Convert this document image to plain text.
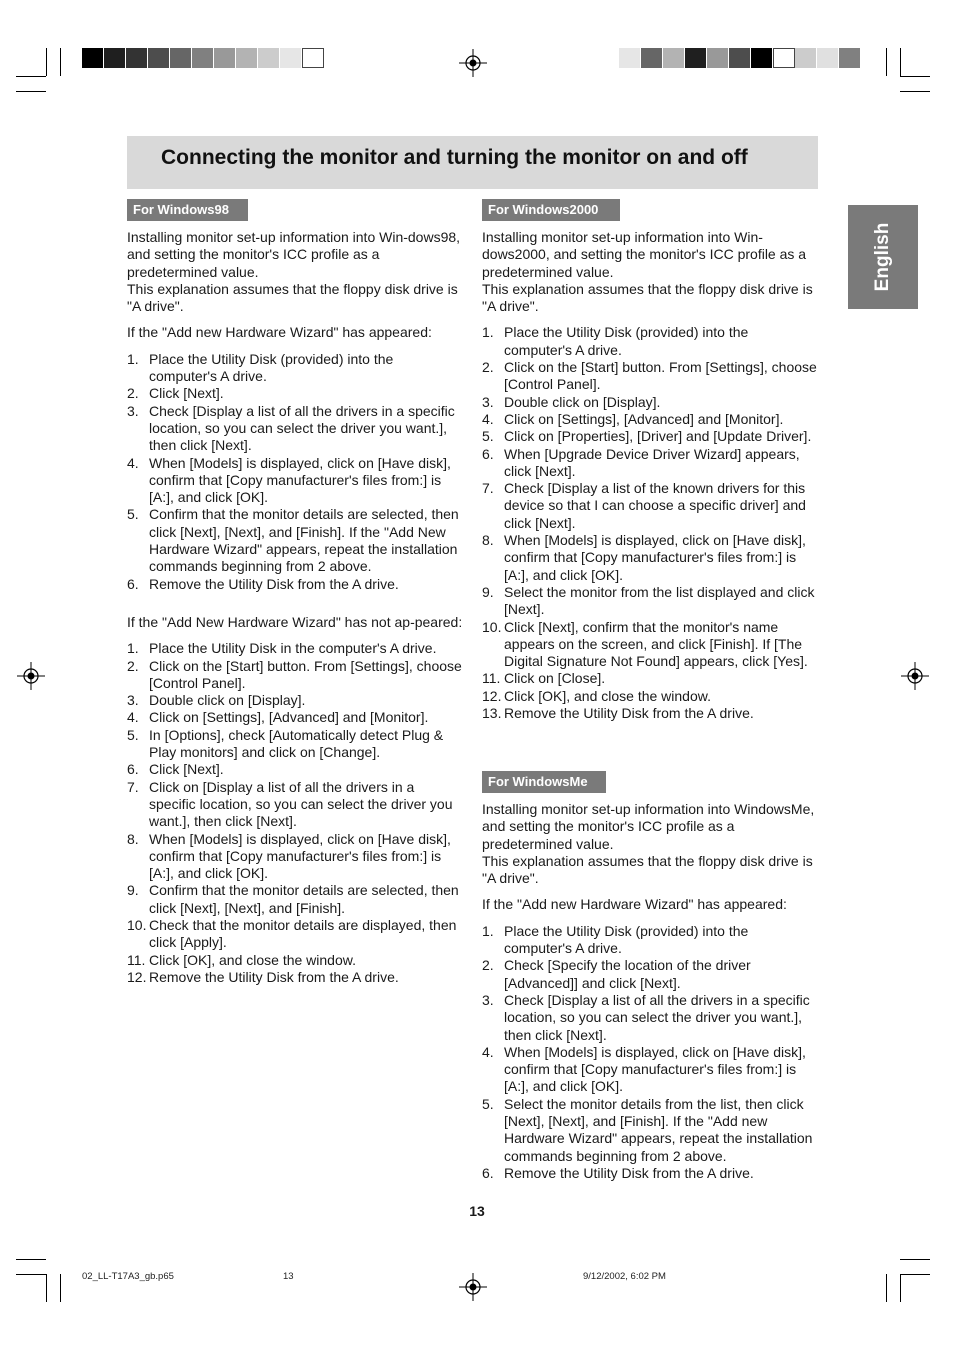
Connecting the monitor and turning the monitor on and off
English
For Windows98

Installing monitor set-up information into Win-dows98, and setting the monitor's ICC profile as a predetermined value.

This explanation assumes that the floppy disk drive is "A drive".

If the "Add new Hardware Wizard" has appeared:

1. Place the Utility Disk (provided) into the computer's A drive.
2. Click [Next].
3. Check [Display a list of all the drivers in a specific location, so you can select the driver you want.], then click [Next].
4. When [Models] is displayed, click on [Have disk], confirm that [Copy manufacturer's files from:] is [A:], and click [OK].
5. Confirm that the monitor details are selected, then click [Next], [Next], and [Finish]. If the "Add New Hardware Wizard" appears, repeat the installation commands beginning from 2 above.
6. Remove the Utility Disk from the A drive.

If the "Add New Hardware Wizard" has not ap-peared:

1. Place the Utility Disk in the computer's A drive.
2. Click on the [Start] button. From [Settings], choose [Control Panel].
3. Double click on [Display].
4. Click on [Settings], [Advanced] and [Monitor].
5. In [Options], check [Automatically detect Plug & Play monitors] and click on [Change].
6. Click [Next].
7. Click on [Display a list of all the drivers in a specific location, so you can select the driver you want.], then click [Next].
8. When [Models] is displayed, click on [Have disk], confirm that [Copy manufacturer's files from:] is [A:], and click [OK].
9. Confirm that the monitor details are selected, then click [Next], [Next], and [Finish].
10. Check that the monitor details are displayed, then click [Apply].
11. Click [OK], and close the window.
12. Remove the Utility Disk from the A drive.
For Windows2000

Installing monitor set-up information into Win-dows2000, and setting the monitor's ICC profile as a predetermined value.

This explanation assumes that the floppy disk drive is "A drive".

1. Place the Utility Disk (provided) into the computer's A drive.
2. Click on the [Start] button. From [Settings], choose [Control Panel].
3. Double click on [Display].
4. Click on [Settings], [Advanced] and [Monitor].
5. Click on [Properties], [Driver] and [Update Driver].
6. When [Upgrade Device Driver Wizard] appears, click [Next].
7. Check [Display a list of the known drivers for this device so that I can choose a specific driver] and click [Next].
8. When [Models] is displayed, click on [Have disk], confirm that [Copy manufacturer's files from:] is [A:], and click [OK].
9. Select the monitor from the list displayed and click [Next].
10. Click [Next], confirm that the monitor's name appears on the screen, and click [Finish]. If [The Digital Signature Not Found] appears, click [Yes].
11. Click on [Close].
12. Click [OK], and close the window.
13. Remove the Utility Disk from the A drive.
For WindowsMe

Installing monitor set-up information into WindowsMe, and setting the monitor's ICC profile as a predetermined value.

This explanation assumes that the floppy disk drive is "A drive".

If the "Add new Hardware Wizard" has appeared:

1. Place the Utility Disk (provided) into the computer's A drive.
2. Check [Specify the location of the driver [Advanced]] and click [Next].
3. Check [Display a list of all the drivers in a specific location, so you can select the driver you want.], then click [Next].
4. When [Models] is displayed, click on [Have disk], confirm that [Copy manufacturer's files from:] is [A:], and click [OK].
5. Select the monitor details from the list, then click [Next], [Next], and [Finish]. If the "Add new Hardware Wizard" appears, repeat the installation commands beginning from 2 above.
6. Remove the Utility Disk from the A drive.
13
02_LL-T17A3_gb.p65	13	9/12/2002, 6:02 PM
